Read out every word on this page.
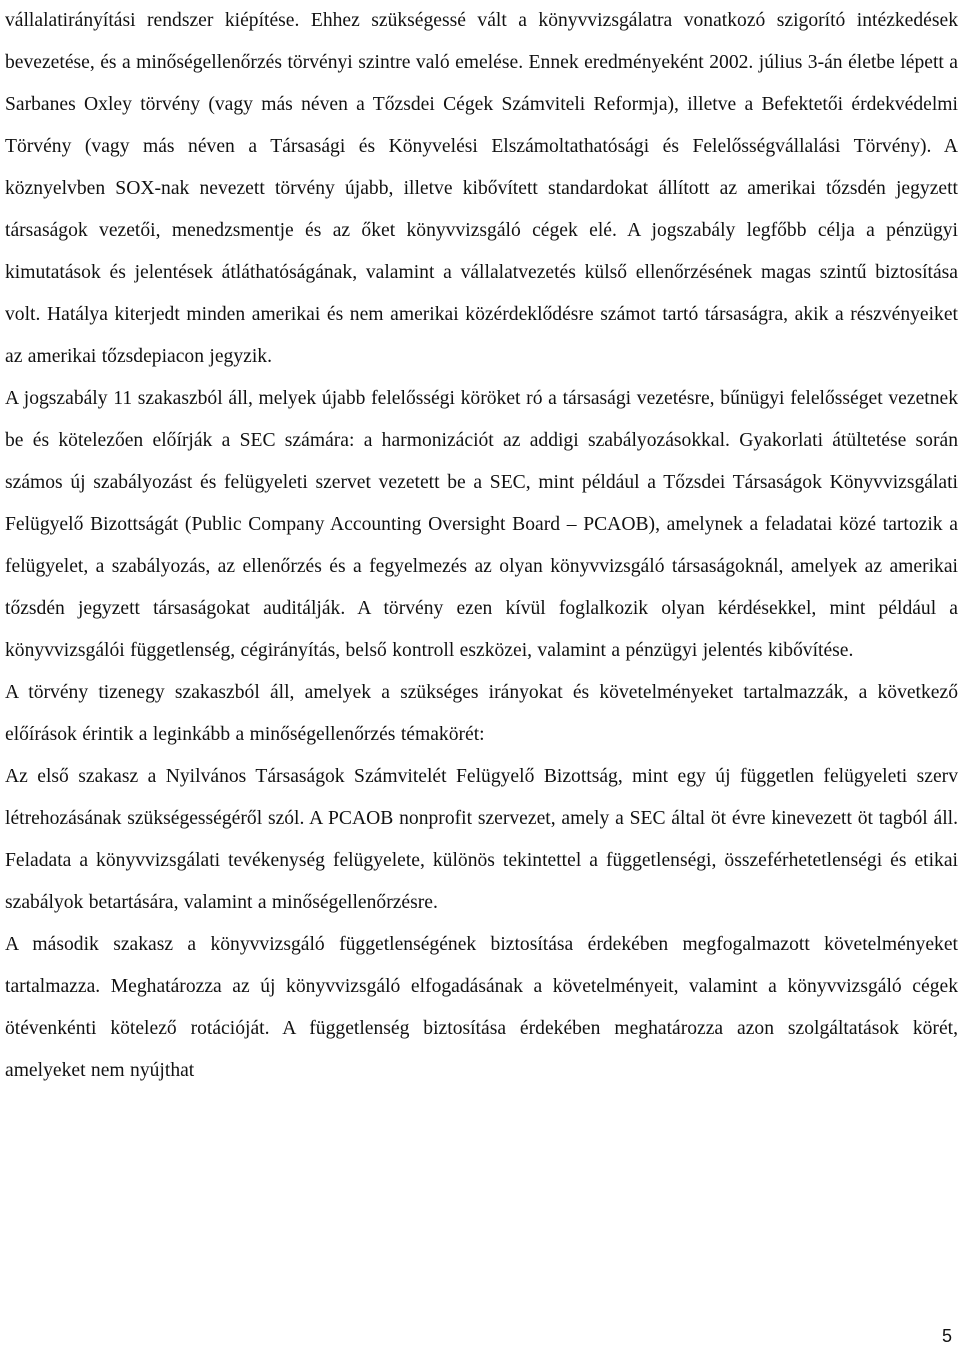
vállalatirányítási rendszer kiépítése. Ehhez szükségessé vált a könyvvizsgálatra vonatkozó szigorító intézkedések bevezetése, és a minőségellenőrzés törvényi szintre való emelése. Ennek eredményeként 2002. július 3-án életbe lépett a Sarbanes Oxley törvény (vagy más néven a Tőzsdei Cégek Számviteli Reformja), illetve a Befektetői érdekvédelmi Törvény (vagy más néven a Társasági és Könyvelési Elszámoltathatósági és Felelősségvállalási Törvény). A köznyelvben SOX-nak nevezett törvény újabb, illetve kibővített standardokat állított az amerikai tőzsdén jegyzett társaságok vezetői, menedzsmentje és az őket könyvvizsgáló cégek elé. A jogszabály legfőbb célja a pénzügyi kimutatások és jelentések átláthatóságának, valamint a vállalatvezetés külső ellenőrzésének magas szintű biztosítása volt. Hatálya kiterjedt minden amerikai és nem amerikai közérdeklődésre számot tartó társaságra, akik a részvényeiket az amerikai tőzsdepiacon jegyzik.

A jogszabály 11 szakaszból áll, melyek újabb felelősségi köröket ró a társasági vezetésre, bűnügyi felelősséget vezetnek be és kötelezően előírják a SEC számára: a harmonizációt az addigi szabályozásokkal. Gyakorlati átültetése során számos új szabályozást és felügyeleti szervet vezetett be a SEC, mint például a Tőzsdei Társaságok Könyvvizsgálati Felügyelő Bizottságát (Public Company Accounting Oversight Board – PCAOB), amelynek a feladatai közé tartozik a felügyelet, a szabályozás, az ellenőrzés és a fegyelmezés az olyan könyvvizsgáló társaságoknál, amelyek az amerikai tőzsdén jegyzett társaságokat auditálják. A törvény ezen kívül foglalkozik olyan kérdésekkel, mint például a könyvvizsgálói függetlenség, cégirányítás, belső kontroll eszközei, valamint a pénzügyi jelentés kibővítése.

A törvény tizenegy szakaszból áll, amelyek a szükséges irányokat és követelményeket tartalmazzák, a következő előírások érintik a leginkább a minőségellenőrzés témakörét:

Az első szakasz a Nyilvános Társaságok Számvitelét Felügyelő Bizottság, mint egy új független felügyeleti szerv létrehozásának szükségességéről szól. A PCAOB nonprofit szervezet, amely a SEC által öt évre kinevezett öt tagból áll. Feladata a könyvvizsgálati tevékenység felügyelete, különös tekintettel a függetlenségi, összeférhetetlenségi és etikai szabályok betartására, valamint a minőségellenőrzésre.

A második szakasz a könyvvizsgáló függetlenségének biztosítása érdekében megfogalmazott követelményeket tartalmazza. Meghatározza az új könyvvizsgáló elfogadásának a követelményeit, valamint a könyvvizsgáló cégek ötévenkénti kötelező rotációját. A függetlenség biztosítása érdekében meghatározza azon szolgáltatások körét, amelyeket nem nyújthat

5
